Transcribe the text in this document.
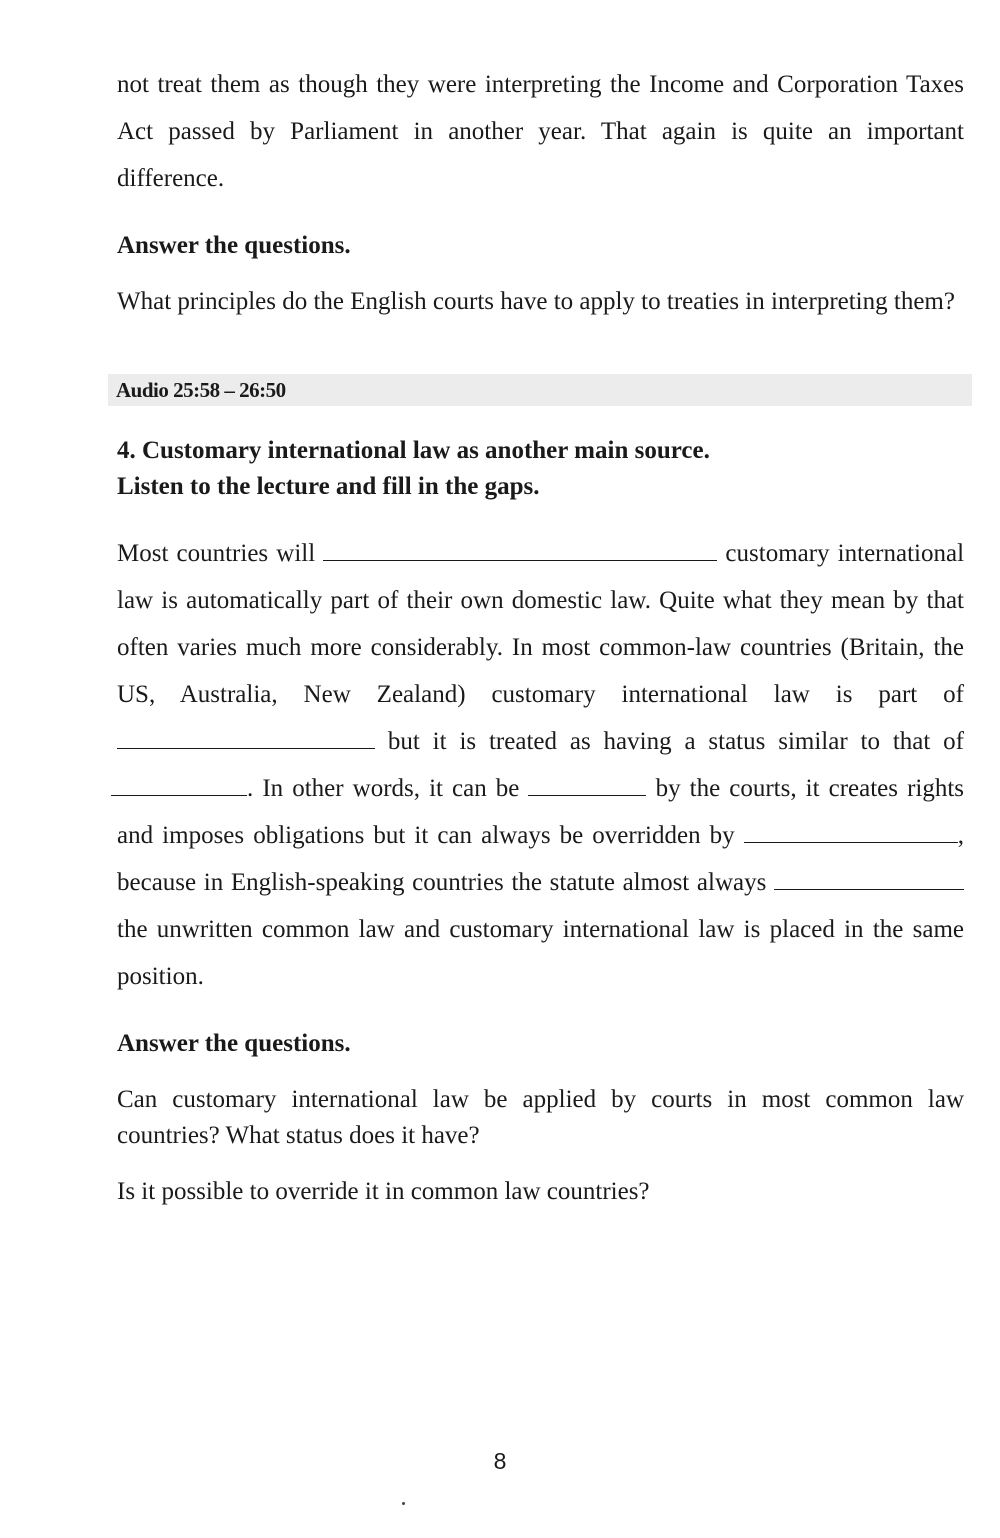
not treat them as though they were interpreting the Income and Corporation Taxes Act passed by Parliament in another year. That again is quite an important difference.

Answer the questions.

What principles do the English courts have to apply to treaties in interpreting them?

Audio 25:58 – 26:50

4. Customary international law as another main source.

Listen to the lecture and fill in the gaps.

Most countries will	customary international law is automatically part of their own domestic law. Quite what they mean by that often varies much more considerably. In most common-law countries (Britain, the US, Australia, New Zealand) customary international law is part of  but it is treated as having a status similar to that of . In other words, it can be	by the courts, it creates rights and imposes obligations but it can always be overridden by	, because in English-speaking countries the statute almost always  the unwritten common law and customary international law is placed in the same position.

Answer the questions.

Can customary international law be applied by courts in most common law countries? What status does it have?

Is it possible to override it in common law countries?

8
